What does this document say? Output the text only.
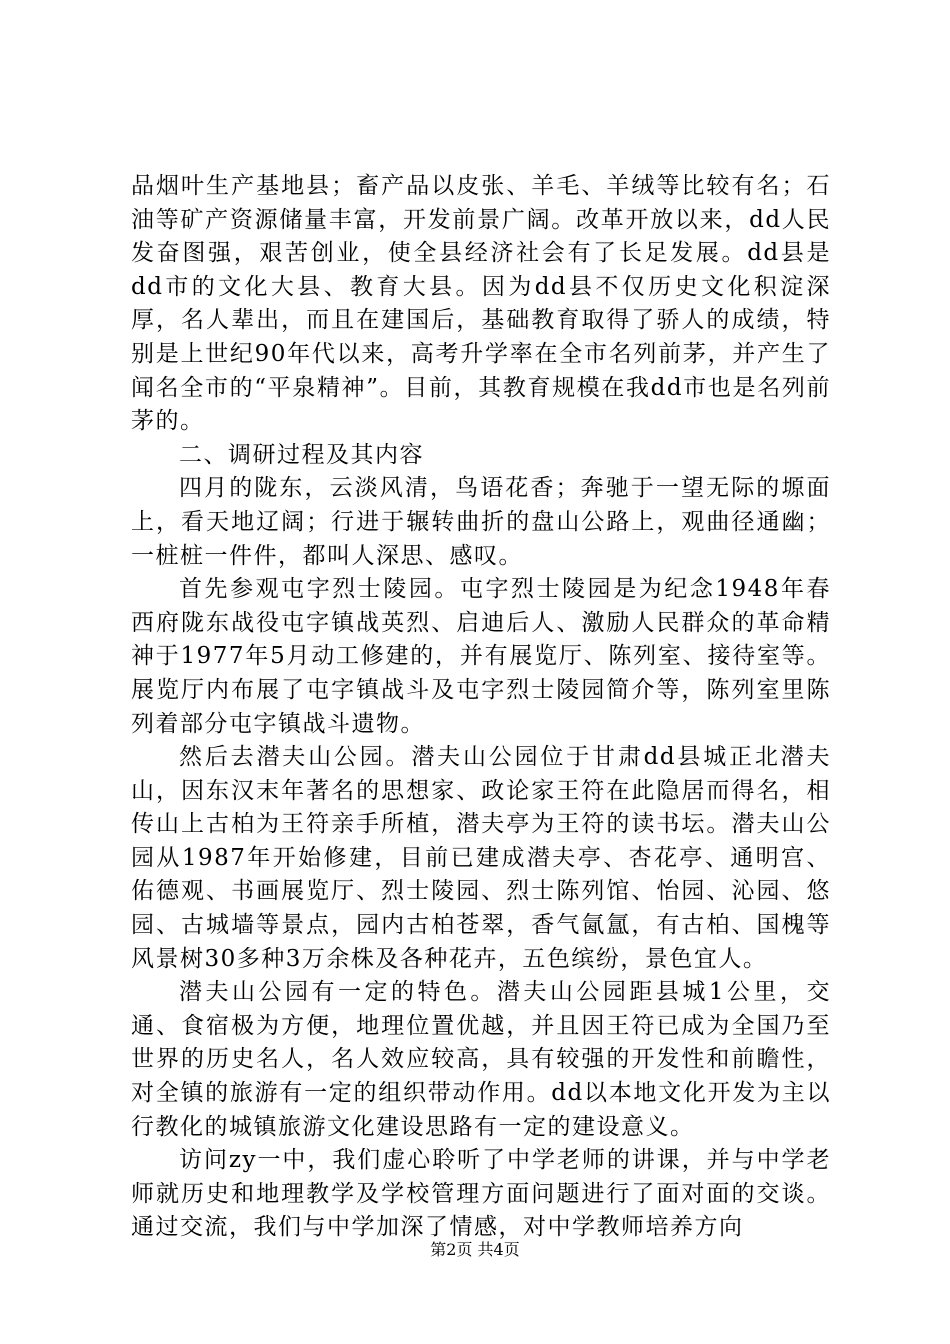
品烟叶生产基地县；畜产品以皮张、羊毛、羊绒等比较有名；石油等矿产资源储量丰富，开发前景广阔。改革开放以来，dd人民发奋图强，艰苦创业，使全县经济社会有了长足发展。dd县是dd市的文化大县、教育大县。因为dd县不仅历史文化积淀深厚，名人辈出，而且在建国后，基础教育取得了骄人的成绩，特别是上世纪90年代以来，高考升学率在全市名列前茅，并产生了闻名全市的“平泉精神”。目前，其教育规模在我dd市也是名列前茅的。

二、调研过程及其内容

四月的陇东，云淡风清，鸟语花香；奔驰于一望无际的塬面上，看天地辽阔；行进于辗转曲折的盘山公路上，观曲径通幽；一桩桩一件件，都叫人深思、感叹。

首先参观屯字烈士陵园。屯字烈士陵园是为纪念1948年春西府陇东战役屯字镇战英烈、启迪后人、激励人民群众的革命精神于1977年5月动工修建的，并有展览厅、陈列室、接待室等。展览厅内布展了屯字镇战斗及屯字烈士陵园简介等，陈列室里陈列着部分屯字镇战斗遗物。

然后去潜夫山公园。潜夫山公园位于甘肃dd县城正北潜夫山，因东汉末年著名的思想家、政论家王符在此隐居而得名，相传山上古柏为王符亲手所植，潜夫亭为王符的读书坛。潜夫山公园从1987年开始修建，目前已建成潜夫亭、杏花亭、通明宫、佑德观、书画展览厅、烈士陵园、烈士陈列馆、怡园、沁园、悠园、古城墙等景点，园内古柏苍翠，香气氤氲，有古柏、国槐等风景树30多种3万余株及各种花卉，五色缤纷，景色宜人。

潜夫山公园有一定的特色。潜夫山公园距县城1公里，交通、食宿极为方便，地理位置优越，并且因王符已成为全国乃至世界的历史名人，名人效应较高，具有较强的开发性和前瞻性，对全镇的旅游有一定的组织带动作用。dd以本地文化开发为主以行教化的城镇旅游文化建设思路有一定的建设意义。

访问zy一中，我们虚心聆听了中学老师的讲课，并与中学老师就历史和地理教学及学校管理方面问题进行了面对面的交谈。通过交流，我们与中学加深了情感，对中学教师培养方向

第2页 共4页
